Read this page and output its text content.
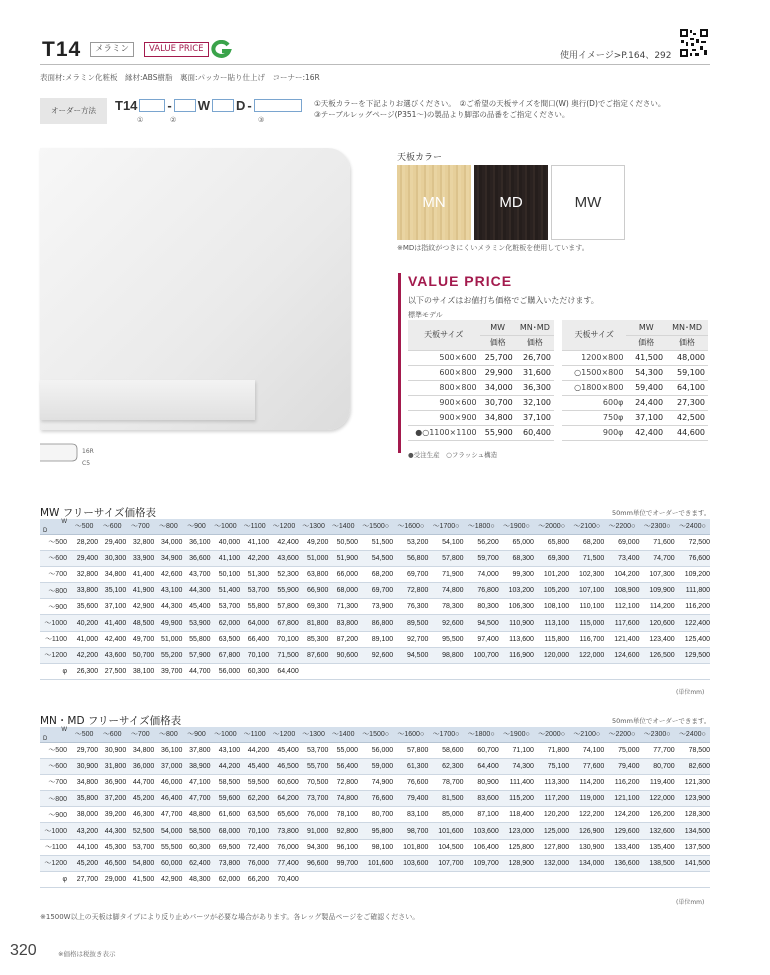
T14	メラミン	VALUE PRICE
使用イメージ>P.164、292
表面材:メラミン化粧板　縁材:ABS樹脂　裏面:パッカー貼り仕上げ　コーナー:16R
オーダー方法	T14 - W D -
①	②	③
①天板カラーを下記よりお選びください。　②ご希望の天板サイズを間口(W) 奥行(D)でご指定ください。
③テーブルレッグページ(P351〜)の製品より脚部の品番をご指定ください。
16R
C5
天板カラー
MN	MD	MW
※MDは指紋がつきにくいメラミン化粧板を使用しています。
VALUE PRICE
以下のサイズはお値打ち価格でご購入いただけます。
標準モデル
天板サイズ	MW	MN･MD
	価格	価格
500×600	25,700	26,700
600×800	29,900	31,600
800×800	34,000	36,300
900×600	30,700	32,100
900×900	34,800	37,100
●○1100×1100	55,900	60,400
天板サイズ	MW	MN･MD
	価格	価格
1200×800	41,500	48,000
○1500×800	54,300	59,100
○1800×800	59,400	64,100
600φ	24,400	27,300
750φ	37,100	42,500
900φ	42,400	44,600
●受注生産　○フラッシュ構造
MW フリーサイズ価格表	50mm単位でオーダーできます。
W
D	〜500	〜600	〜700	〜800	〜900	〜1000	〜1100	〜1200	〜1300	〜1400	〜1500○	〜1600○	〜1700○	〜1800○	〜1900○	〜2000○	〜2100○	〜2200○	〜2300○	〜2400○
〜500	28,200	29,400	32,800	34,000	36,100	40,000	41,100	42,400	49,200	50,500	51,500	53,200	54,100	56,200	65,000	65,800	68,200	69,000	71,600	72,500
〜600	29,400	30,300	33,900	34,900	36,600	41,100	42,200	43,600	51,000	51,900	54,500	56,800	57,800	59,700	68,300	69,300	71,500	73,400	74,700	76,600
〜700	32,800	34,800	41,400	42,600	43,700	50,100	51,300	52,300	63,800	66,000	68,200	69,700	71,900	74,000	99,300	101,200	102,300	104,200	107,300	109,200
〜800	33,800	35,100	41,900	43,100	44,300	51,400	53,700	55,900	66,900	68,000	69,700	72,800	74,800	76,800	103,200	105,200	107,100	108,900	109,900	111,800
〜900	35,600	37,100	42,900	44,300	45,400	53,700	55,800	57,800	69,300	71,300	73,900	76,300	78,300	80,300	106,300	108,100	110,100	112,100	114,200	116,200
〜1000	40,200	41,400	48,500	49,900	53,900	62,000	64,000	67,800	81,800	83,800	86,800	89,500	92,600	94,500	110,900	113,100	115,000	117,600	120,600	122,400
〜1100	41,000	42,400	49,700	51,000	55,800	63,500	66,400	70,100	85,300	87,200	89,100	92,700	95,500	97,400	113,600	115,800	116,700	121,400	123,400	125,400
〜1200	42,200	43,600	50,700	55,200	57,900	67,800	70,100	71,500	87,600	90,600	92,600	94,500	98,800	100,700	116,900	120,000	122,000	124,600	126,500	129,500
φ	26,300	27,500	38,100	39,700	44,700	56,000	60,300	64,400												
(単位mm)
MN・MD フリーサイズ価格表	50mm単位でオーダーできます。
W
D	〜500	〜600	〜700	〜800	〜900	〜1000	〜1100	〜1200	〜1300	〜1400	〜1500○	〜1600○	〜1700○	〜1800○	〜1900○	〜2000○	〜2100○	〜2200○	〜2300○	〜2400○
〜500	29,700	30,900	34,800	36,100	37,800	43,100	44,200	45,400	53,700	55,000	56,000	57,800	58,600	60,700	71,100	71,800	74,100	75,000	77,700	78,500
〜600	30,900	31,800	36,000	37,000	38,900	44,200	45,400	46,500	55,700	56,400	59,000	61,300	62,300	64,400	74,300	75,100	77,600	79,400	80,700	82,600
〜700	34,800	36,900	44,700	46,000	47,100	58,500	59,500	60,600	70,500	72,800	74,900	76,600	78,700	80,900	111,400	113,300	114,200	116,200	119,400	121,300
〜800	35,800	37,200	45,200	46,400	47,700	59,600	62,200	64,200	73,700	74,800	76,600	79,400	81,500	83,600	115,200	117,200	119,000	121,100	122,000	123,900
〜900	38,000	39,200	46,300	47,700	48,800	61,600	63,500	65,600	76,000	78,100	80,700	83,100	85,000	87,100	118,400	120,200	122,200	124,200	126,200	128,300
〜1000	43,200	44,300	52,500	54,000	58,500	68,000	70,100	73,800	91,000	92,800	95,800	98,700	101,600	103,600	123,000	125,000	126,900	129,600	132,600	134,500
〜1100	44,100	45,300	53,700	55,500	60,300	69,500	72,400	76,000	94,300	96,100	98,100	101,800	104,500	106,400	125,800	127,800	130,900	133,400	135,400	137,500
〜1200	45,200	46,500	54,800	60,000	62,400	73,800	76,000	77,400	96,600	99,700	101,600	103,600	107,700	109,700	128,900	132,000	134,000	136,600	138,500	141,500
φ	27,700	29,000	41,500	42,900	48,300	62,000	66,200	70,400												
(単位mm)
※1500W以上の天板は脚タイプにより反り止めパーツが必要な場合があります。各レッグ製品ページをご確認ください。
320	※価格は税抜き表示
